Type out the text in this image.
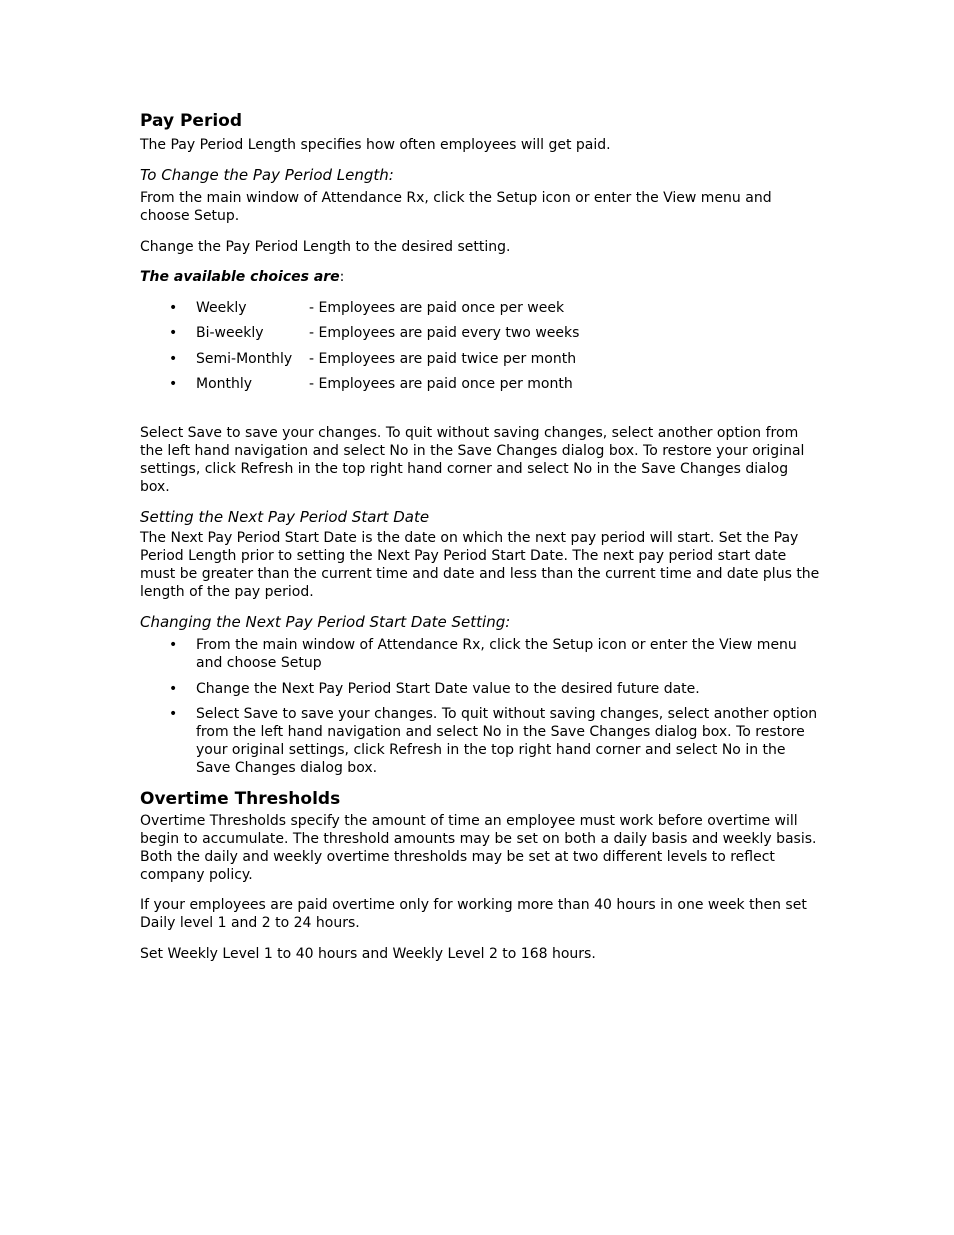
Pay Period

The Pay Period Length specifies how often employees will get paid.

To Change the Pay Period Length:

From the main window of Attendance Rx, click the Setup icon or enter the View menu and choose Setup.

Change the Pay Period Length to the desired setting.

The available choices are:

• Weekly	- Employees are paid once per week
• Bi-weekly	- Employees are paid every two weeks
• Semi-Monthly - Employees are paid twice per month
• Monthly	- Employees are paid once per month

Select Save to save your changes. To quit without saving changes, select another option from the left hand navigation and select No in the Save Changes dialog box. To restore your original settings, click Refresh in the top right hand corner and select No in the Save Changes dialog box.

Setting the Next Pay Period Start Date

The Next Pay Period Start Date is the date on which the next pay period will start. Set the Pay Period Length prior to setting the Next Pay Period Start Date. The next pay period start date must be greater than the current time and date and less than the current time and date plus the length of the pay period.

Changing the Next Pay Period Start Date Setting:
• From the main window of Attendance Rx, click the Setup icon or enter the View menu and choose Setup
• Change the Next Pay Period Start Date value to the desired future date.
• Select Save to save your changes. To quit without saving changes, select another option from the left hand navigation and select No in the Save Changes dialog box. To restore your original settings, click Refresh in the top right hand corner and select No in the Save Changes dialog box.
Overtime Thresholds

Overtime Thresholds specify the amount of time an employee must work before overtime will begin to accumulate. The threshold amounts may be set on both a daily basis and weekly basis. Both the daily and weekly overtime thresholds may be set at two different levels to reflect company policy.

If your employees are paid overtime only for working more than 40 hours in one week then set Daily level 1 and 2 to 24 hours.

Set Weekly Level 1 to 40 hours and Weekly Level 2 to 168 hours.
